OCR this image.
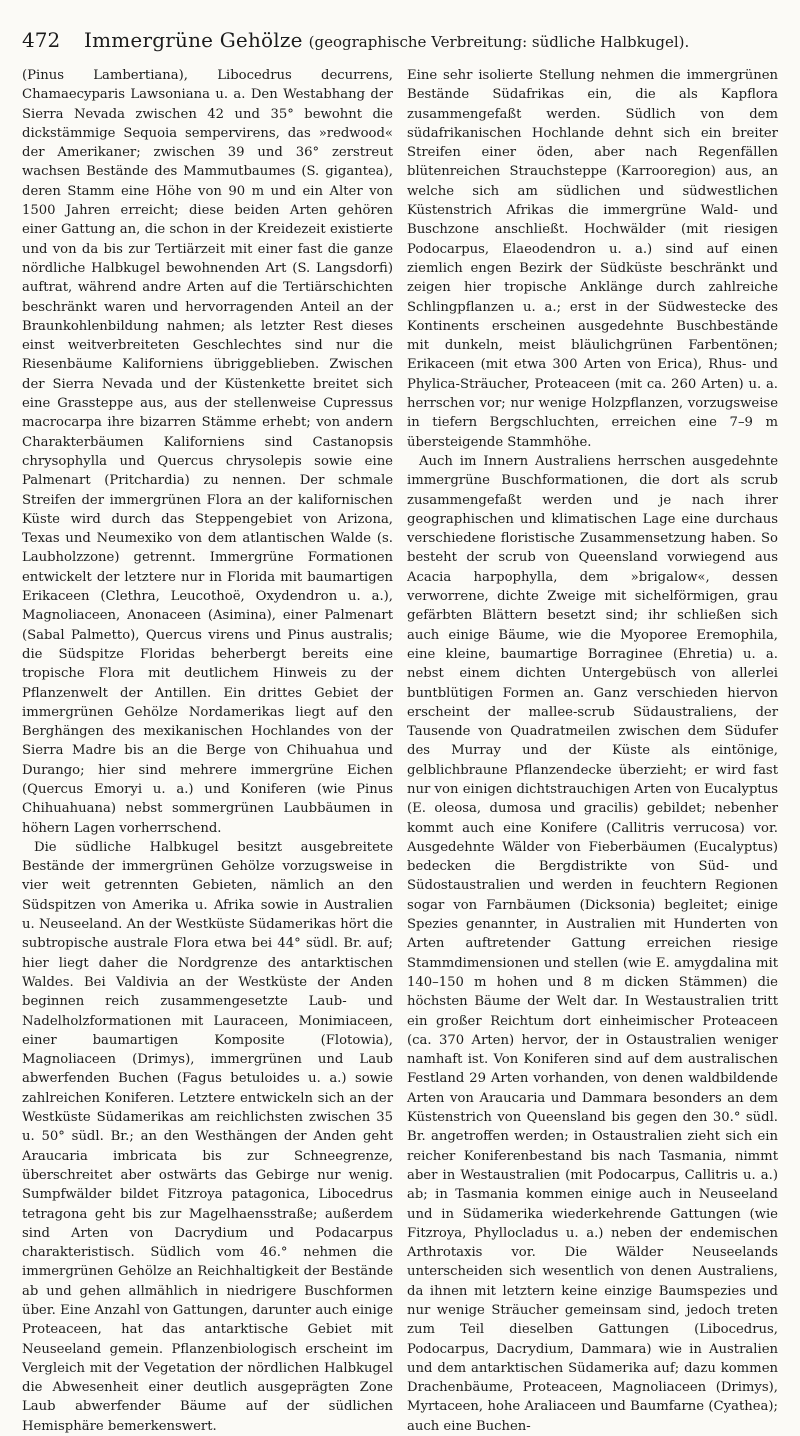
472	Immergrüne Gehölze (geographische Verbreitung: südliche Halbkugel).

(Pinus Lambertiana), Libocedrus decurrens, Chamaecyparis Lawsoniana u. a. Den Westabhang der Sierra Nevada zwischen 42 und 35° bewohnt die dickstämmige Sequoia sempervirens, das »redwood« der Amerikaner; zwischen 39 und 36° zerstreut wachsen Bestände des Mammutbaumes (S. gigantea), deren Stamm eine Höhe von 90 m und ein Alter von 1500 Jahren erreicht; diese beiden Arten gehören einer Gattung an, die schon in der Kreidezeit existierte und von da bis zur Tertiärzeit mit einer fast die ganze nördliche Halbkugel bewohnenden Art (S. Langsdorfi) auftrat, während andre Arten auf die Tertiärschichten beschränkt waren und hervorragenden Anteil an der Braunkohlenbildung nahmen; als letzter Rest dieses einst weitverbreiteten Geschlechtes sind nur die Riesenbäume Kaliforniens übriggeblieben. Zwischen der Sierra Nevada und der Küstenkette breitet sich eine Grassteppe aus, aus der stellenweise Cupressus macrocarpa ihre bizarren Stämme erhebt; von andern Charakterbäumen Kaliforniens sind Castanopsis chrysophylla und Quercus chrysolepis sowie eine Palmenart (Pritchardia) zu nennen. Der schmale Streifen der immergrünen Flora an der kalifornischen Küste wird durch das Steppengebiet von Arizona, Texas und Neumexiko von dem atlantischen Walde (s. Laubholzzone) getrennt. Immergrüne Formationen entwickelt der letztere nur in Florida mit baumartigen Erikaceen (Clethra, Leucothoë, Oxydendron u. a.), Magnoliaceen, Anonaceen (Asimina), einer Palmenart (Sabal Palmetto), Quercus virens und Pinus australis; die Südspitze Floridas beherbergt bereits eine tropische Flora mit deutlichem Hinweis zu der Pflanzenwelt der Antillen. Ein drittes Gebiet der immergrünen Gehölze Nordamerikas liegt auf den Berghängen des mexikanischen Hochlandes von der Sierra Madre bis an die Berge von Chihuahua und Durango; hier sind mehrere immergrüne Eichen (Quercus Emoryi u. a.) und Koniferen (wie Pinus Chihuahuana) nebst sommergrünen Laubbäumen in höhern Lagen vorherrschend.

Die südliche Halbkugel besitzt ausgebreitete Bestände der immergrünen Gehölze vorzugsweise in vier weit getrennten Gebieten, nämlich an den Südspitzen von Amerika u. Afrika sowie in Australien u. Neuseeland. An der Westküste Südamerikas hört die subtropische australe Flora etwa bei 44° südl. Br. auf; hier liegt daher die Nordgrenze des antarktischen Waldes. Bei Valdivia an der Westküste der Anden beginnen reich zusammengesetzte Laub- und Nadelholzformationen mit Lauraceen, Monimiaceen, einer baumartigen Komposite (Flotowia), Magnoliaceen (Drimys), immergrünen und Laub abwerfenden Buchen (Fagus betuloides u. a.) sowie zahlreichen Koniferen. Letztere entwickeln sich an der Westküste Südamerikas am reichlichsten zwischen 35 u. 50° südl. Br.; an den Westhängen der Anden geht Araucaria imbricata bis zur Schneegrenze, überschreitet aber ostwärts das Gebirge nur wenig. Sumpfwälder bildet Fitzroya patagonica, Libocedrus tetragona geht bis zur Magelhaensstraße; außerdem sind Arten von Dacrydium und Podacarpus charakteristisch. Südlich vom 46.° nehmen die immergrünen Gehölze an Reichhaltigkeit der Bestände ab und gehen allmählich in niedrigere Buschformen über. Eine Anzahl von Gattungen, darunter auch einige Proteaceen, hat das antarktische Gebiet mit Neuseeland gemein. Pflanzenbiologisch erscheint im Vergleich mit der Vegetation der nördlichen Halbkugel die Abwesenheit einer deutlich ausgeprägten Zone Laub abwerfender Bäume auf der südlichen Hemisphäre bemerkenswert.

Eine sehr isolierte Stellung nehmen die immergrünen Bestände Südafrikas ein, die als Kapflora zusammengefaßt werden. Südlich von dem südafrikanischen Hochlande dehnt sich ein breiter Streifen einer öden, aber nach Regenfällen blütenreichen Strauchsteppe (Karrooregion) aus, an welche sich am südlichen und südwestlichen Küstenstrich Afrikas die immergrüne Wald- und Buschzone anschließt. Hochwälder (mit riesigen Podocarpus, Elaeodendron u. a.) sind auf einen ziemlich engen Bezirk der Südküste beschränkt und zeigen hier tropische Anklänge durch zahlreiche Schlingpflanzen u. a.; erst in der Südwestecke des Kontinents erscheinen ausgedehnte Buschbestände mit dunkeln, meist bläulichgrünen Farbentönen; Erikaceen (mit etwa 300 Arten von Erica), Rhus- und Phylica-Sträucher, Proteaceen (mit ca. 260 Arten) u. a. herrschen vor; nur wenige Holzpflanzen, vorzugsweise in tiefern Bergschluchten, erreichen eine 7–9 m übersteigende Stammhöhe.

Auch im Innern Australiens herrschen ausgedehnte immergrüne Buschformationen, die dort als scrub zusammengefaßt werden und je nach ihrer geographischen und klimatischen Lage eine durchaus verschiedene floristische Zusammensetzung haben. So besteht der scrub von Queensland vorwiegend aus Acacia harpophylla, dem »brigalow«, dessen verworrene, dichte Zweige mit sichelförmigen, grau gefärbten Blättern besetzt sind; ihr schließen sich auch einige Bäume, wie die Myoporee Eremophila, eine kleine, baumartige Borraginee (Ehretia) u. a. nebst einem dichten Untergebüsch von allerlei buntblütigen Formen an. Ganz verschieden hiervon erscheint der mallee-scrub Südaustraliens, der Tausende von Quadratmeilen zwischen dem Südufer des Murray und der Küste als eintönige, gelblichbraune Pflanzendecke überzieht; er wird fast nur von einigen dichtstrauchigen Arten von Eucalyptus (E. oleosa, dumosa und gracilis) gebildet; nebenher kommt auch eine Konifere (Callitris verrucosa) vor. Ausgedehnte Wälder von Fieberbäumen (Eucalyptus) bedecken die Bergdistrikte von Süd- und Südostaustralien und werden in feuchtern Regionen sogar von Farnbäumen (Dicksonia) begleitet; einige Spezies genannter, in Australien mit Hunderten von Arten auftretender Gattung erreichen riesige Stammdimensionen und stellen (wie E. amygdalina mit 140–150 m hohen und 8 m dicken Stämmen) die höchsten Bäume der Welt dar. In Westaustralien tritt ein großer Reichtum dort einheimischer Proteaceen (ca. 370 Arten) hervor, der in Ostaustralien weniger namhaft ist. Von Koniferen sind auf dem australischen Festland 29 Arten vorhanden, von denen waldbildende Arten von Araucaria und Dammara besonders an dem Küstenstrich von Queensland bis gegen den 30.° südl. Br. angetroffen werden; in Ostaustralien zieht sich ein reicher Koniferenbestand bis nach Tasmania, nimmt aber in Westaustralien (mit Podocarpus, Callitris u. a.) ab; in Tasmania kommen einige auch in Neuseeland und in Südamerika wiederkehrende Gattungen (wie Fitzroya, Phyllocladus u. a.) neben der endemischen Arthrotaxis vor. Die Wälder Neuseelands unterscheiden sich wesentlich von denen Australiens, da ihnen mit letztern keine einzige Baumspezies und nur wenige Sträucher gemeinsam sind, jedoch treten zum Teil dieselben Gattungen (Libocedrus, Podocarpus, Dacrydium, Dammara) wie in Australien und dem antarktischen Südamerika auf; dazu kommen Drachenbäume, Proteaceen, Magnoliaceen (Drimys), Myrtaceen, hohe Araliaceen und Baumfarne (Cyathea); auch eine Buchen-
